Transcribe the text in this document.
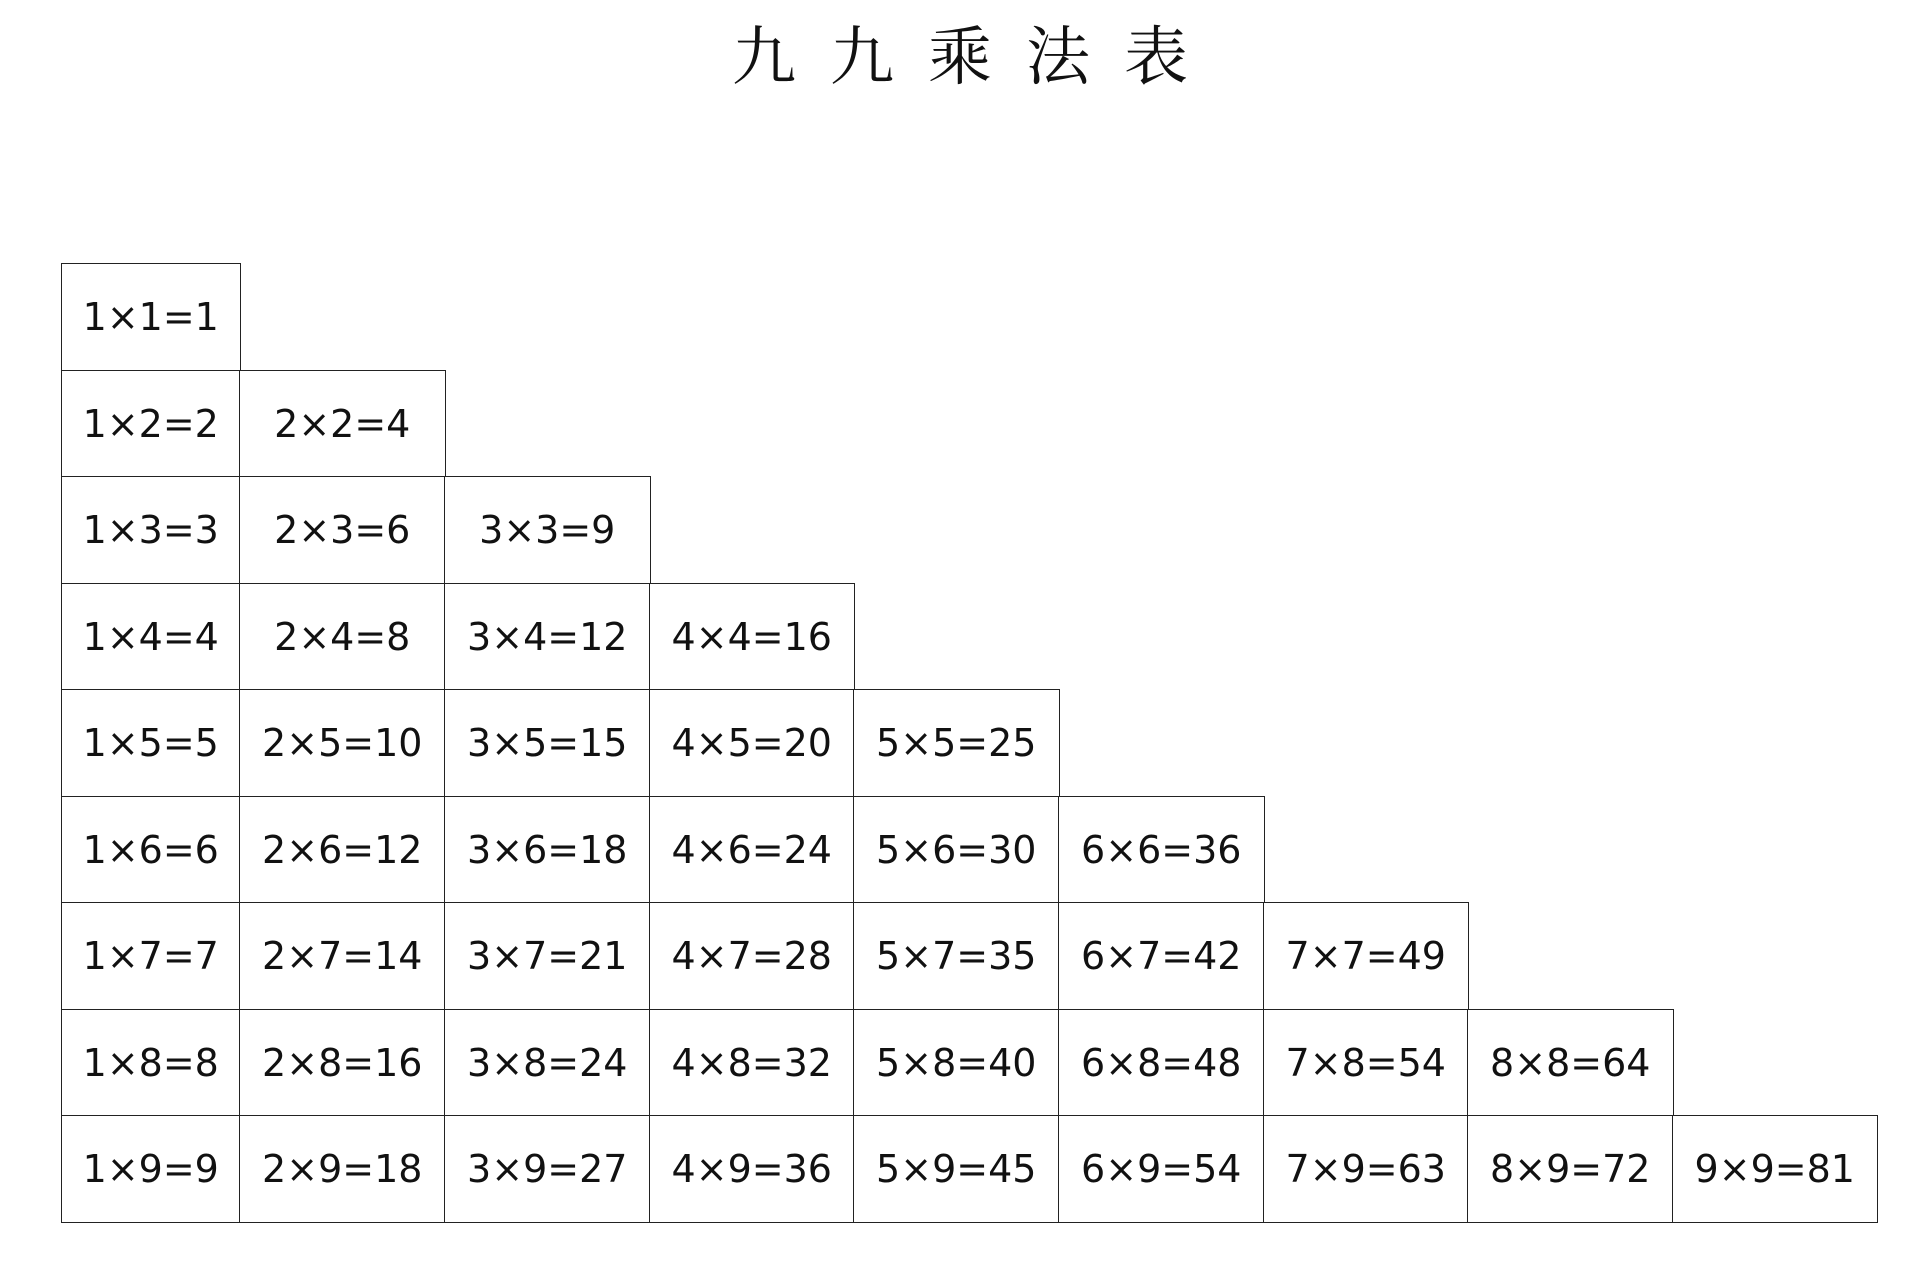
九九乘法表
1×1=1
1×2=2	2×2=4
1×3=3	2×3=6	3×3=9
1×4=4	2×4=8	3×4=12	4×4=16
1×5=5	2×5=10	3×5=15	4×5=20	5×5=25
1×6=6	2×6=12	3×6=18	4×6=24	5×6=30	6×6=36
1×7=7	2×7=14	3×7=21	4×7=28	5×7=35	6×7=42	7×7=49
1×8=8	2×8=16	3×8=24	4×8=32	5×8=40	6×8=48	7×8=54	8×8=64
1×9=9	2×9=18	3×9=27	4×9=36	5×9=45	6×9=54	7×9=63	8×9=72	9×9=81
